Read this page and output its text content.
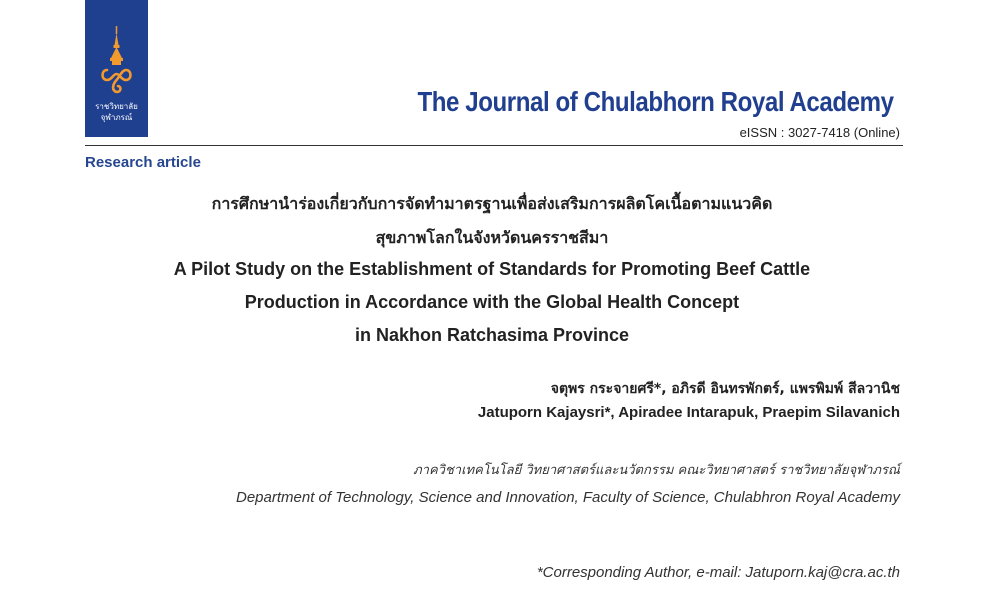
ราชวิทยาลัย
จุฬาภรณ์
The Journal of Chulabhorn Royal Academy
eISSN : 3027-7418 (Online)
Research article
การศึกษานำร่องเกี่ยวกับการจัดทำมาตรฐานเพื่อส่งเสริมการผลิตโคเนื้อตามแนวคิด
สุขภาพโลกในจังหวัดนครราชสีมา
A Pilot Study on the Establishment of Standards for Promoting Beef Cattle
Production in Accordance with the Global Health Concept
in Nakhon Ratchasima Province
จตุพร กระจายศรี*, อภิรดี อินทรพักตร์, แพรพิมพ์ สีลวานิช
Jatuporn Kajaysri*, Apiradee Intarapuk, Praepim Silavanich
ภาควิชาเทคโนโลยี วิทยาศาสตร์และนวัตกรรม คณะวิทยาศาสตร์ ราชวิทยาลัยจุฬาภรณ์
Department of Technology, Science and Innovation, Faculty of Science, Chulabhron Royal Academy
*Corresponding Author, e-mail: Jatuporn.kaj@cra.ac.th
